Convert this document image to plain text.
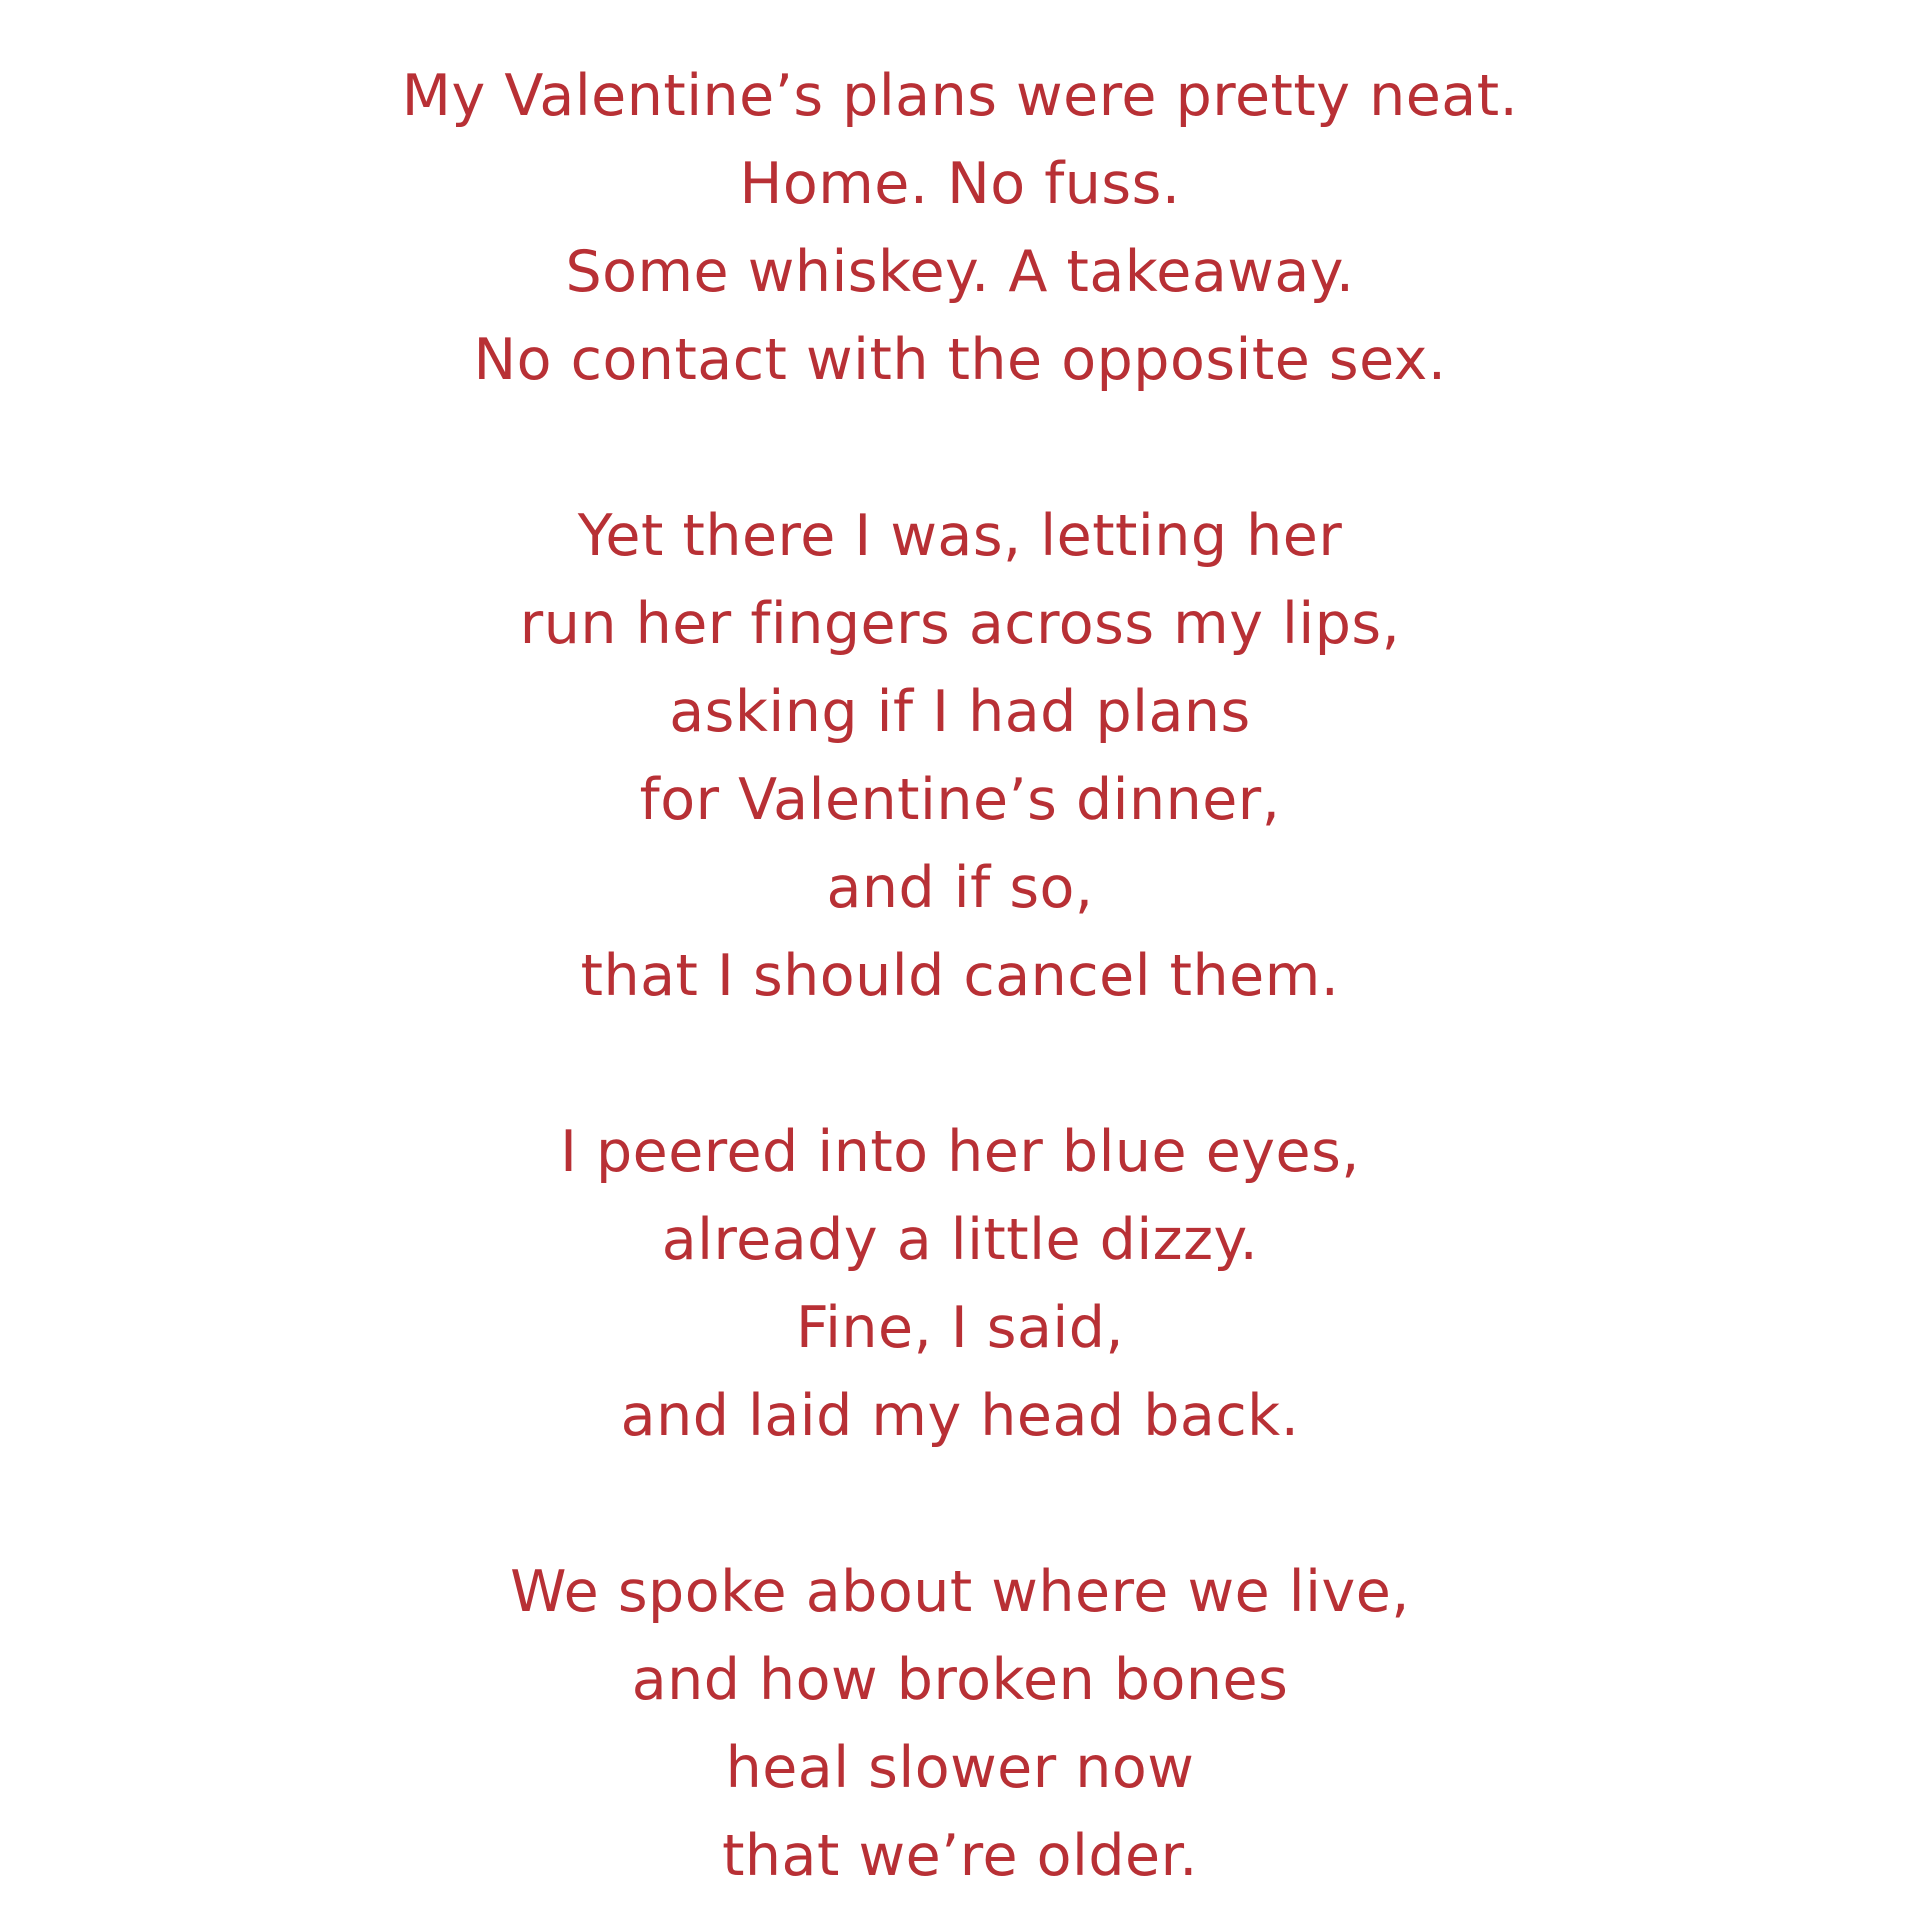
My Valentine’s plans were pretty neat.
Home. No fuss.
Some whiskey. A takeaway.
No contact with the opposite sex.
Yet there I was, letting her
run her fingers across my lips,
asking if I had plans
for Valentine’s dinner,
and if so,
that I should cancel them.
I peered into her blue eyes,
already a little dizzy.
Fine, I said,
and laid my head back.
We spoke about where we live,
and how broken bones
heal slower now
that we’re older.
